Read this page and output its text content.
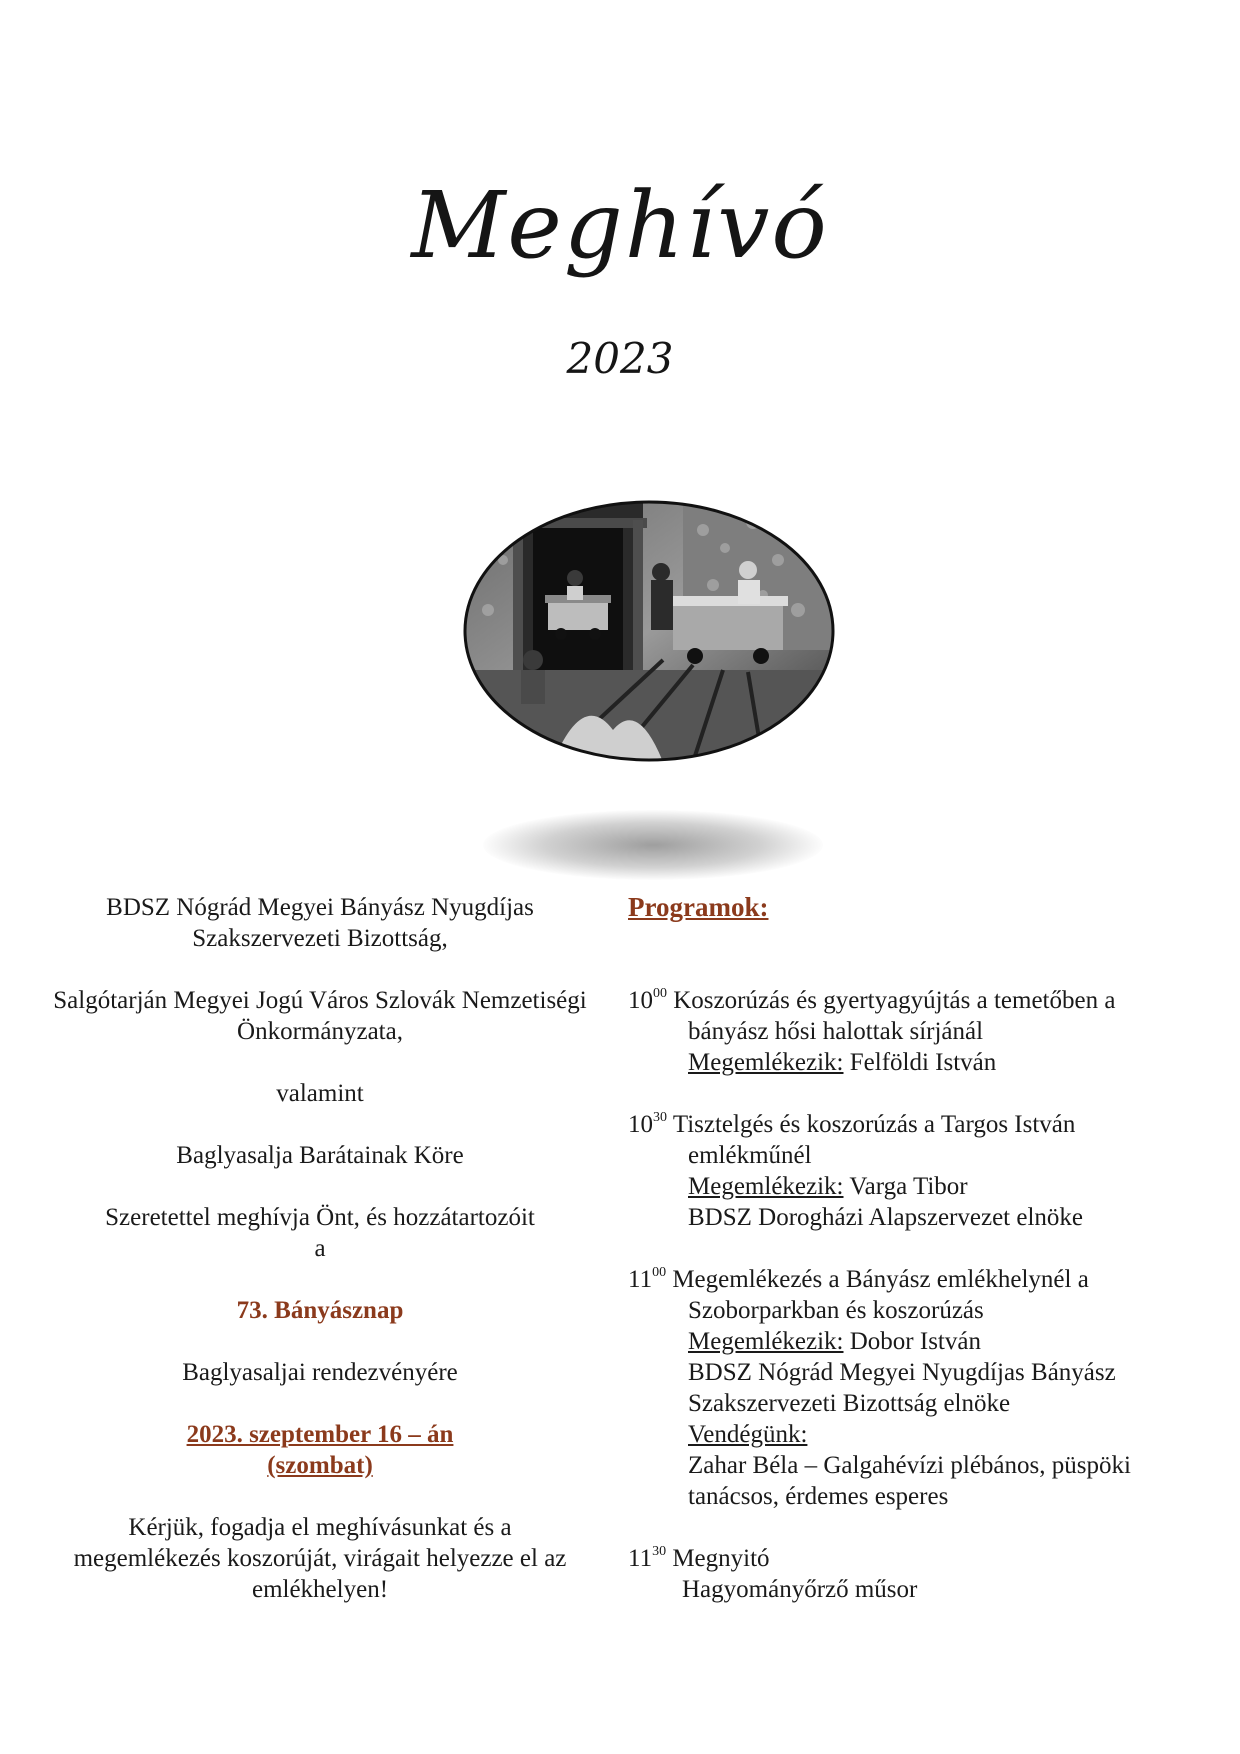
Meghívó
2023

BDSZ Nógrád Megyei Bányász Nyugdíjas
Szakszervezeti Bizottság,

Salgótarján Megyei Jogú Város Szlovák Nemzetiségi
Önkormányzata,

valamint

Baglyasalja Barátainak Köre

Szeretettel meghívja Önt, és hozzátartozóit
a

73. Bányásznap

Baglyasaljai rendezvényére

2023. szeptember 16 – án
(szombat)

Kérjük, fogadja el meghívásunkat és a
megemlékezés koszorúját, virágait helyezze el az
emlékhelyen!

Programok:
$10^{00}$ Koszorúzás és gyertyagyújtás a temetőben a
bányász hősi halottak sírjánál
Megemlékezik: Felföldi István
$10^{30}$ Tisztelgés és koszorúzás a Targos István
emlékműnél
Megemlékezik: Varga Tibor
BDSZ Dorogházi Alapszervezet elnöke
$11^{00}$ Megemlékezés a Bányász emlékhelynél a
Szoborparkban és koszorúzás
Megemlékezik: Dobor István
BDSZ Nógrád Megyei Nyugdíjas Bányász
Szakszervezeti Bizottság elnöke
Vendégünk:
Zahar Béla – Galgahévízi plébános, püspöki
tanácsos, érdemes esperes
$11^{30}$ Megnyitó
Hagyományőrző műsor
